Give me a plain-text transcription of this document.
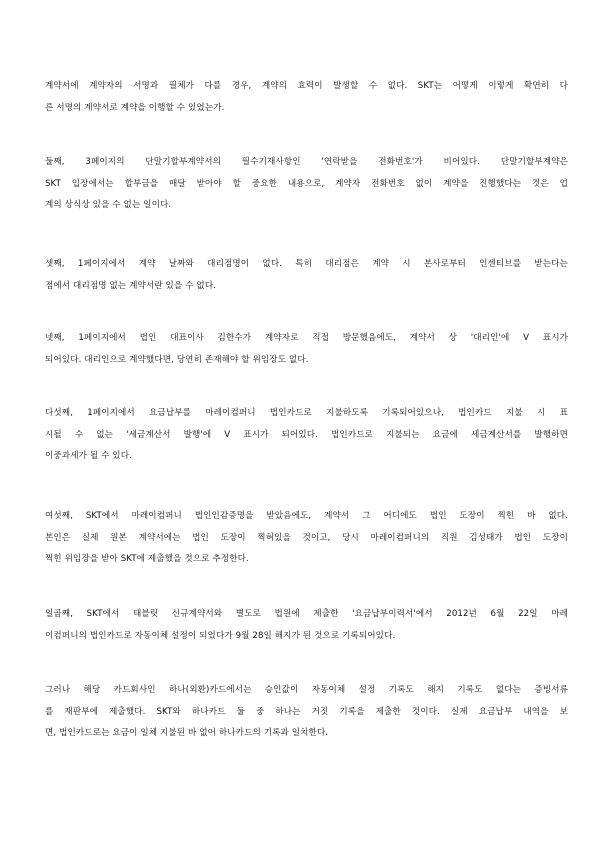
계약서에 계약자의 서명과 필체가 다를 경우, 계약의 효력이 발생할 수 없다. SKT는 어떻게 이렇게 확연히 다
른 서명의 계약서로 계약을 이행할 수 있었는가.

둘째, 3페이지의 단말기할부계약서의 필수기재사항인 '연락받을 전화번호'가 비어있다. 단말기할부계약은
SKT 입장에서는 할부금을 매달 받아야 할 중요한 내용으로, 계약자 전화번호 없이 계약을 진행했다는 것은 업
계의 상식상 있을 수 없는 일이다.

셋째, 1페이지에서 계약 날짜와 대리점명이 없다. 특히 대리점은 계약 시 본사로부터 인센티브를 받는다는
점에서 대리점명 없는 계약서란 있을 수 없다.

넷째, 1페이지에서 법인 대표이사 김한수가 계약자로 직접 방문했음에도, 계약서 상 '대리인'에 V 표시가
되어있다. 대리인으로 계약했다면, 당연히 존재해야 할 위임장도 없다.

다섯째, 1페이지에서 요금납부를 마레이컴퍼니 법인카드로 지불하도록 기록되어있으나, 법인카드 지불 시 표
시될 수 없는 '세금계산서 발행'에 V 표시가 되어있다. 법인카드로 지불되는 요금에 세금계산서를 발행하면
이중과세가 될 수 있다.

여섯째, SKT에서 마레이컴퍼니 법인인감증명을 받았음에도, 계약서 그 어디에도 법인 도장이 찍힌 바 없다.
본인은 실제 원본 계약서에는 법인 도장이 찍혀있을 것이고, 당시 마레이컴퍼니의 직원 김성태가 법인 도장이
찍힌 위임장을 받아 SKT에 제출했을 것으로 추정한다.

일곱째, SKT에서 태블릿 신규계약서와 별도로 법원에 제출한 '요금납부이력서'에서 2012년 6월 22일 마레
이컴퍼니의 법인카드로 자동이체 설정이 되었다가 9월 28일 해지가 된 것으로 기록되어있다.

그러나 해당 카드회사인 하나(외환)카드에서는 승인값이 자동이체 설정 기록도 해지 기록도 없다는 증빙서류
를 재판부에 제출했다. SKT와 하나카드 둘 중 하나는 거짓 기록을 제출한 것이다. 실제 요금납부 내역을 보
면, 법인카드로는 요금이 일체 지불된 바 없어 하나카드의 기록과 일치한다.
